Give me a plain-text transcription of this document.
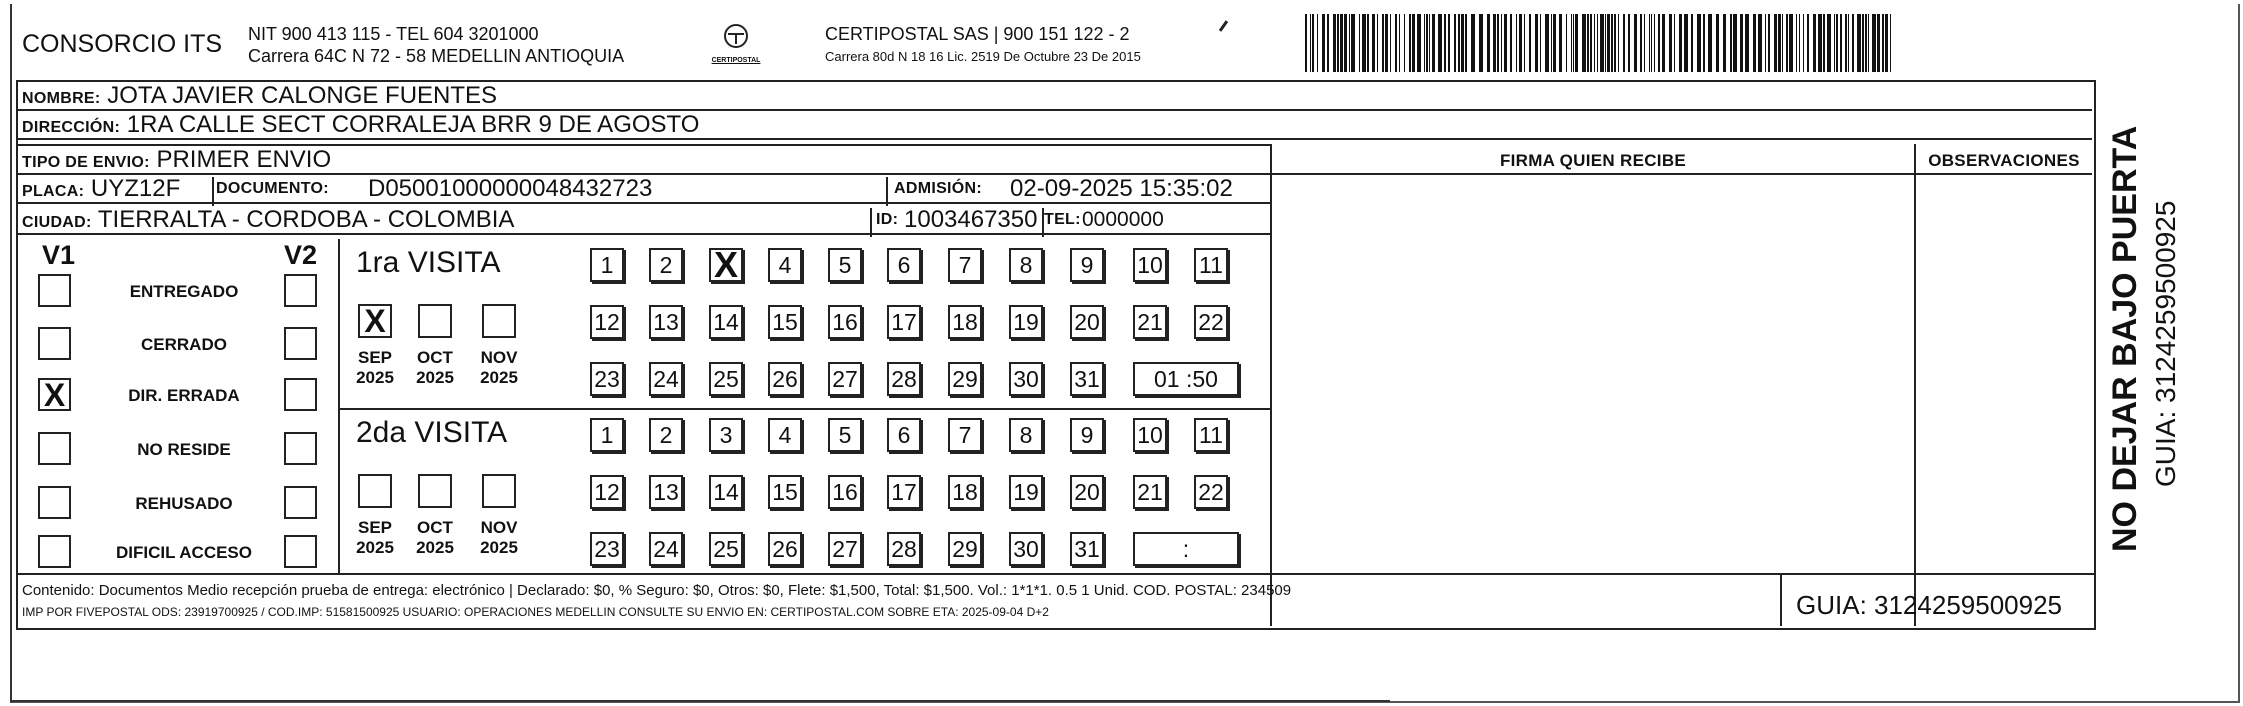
CONSORCIO ITS NIT 900 413 115 - TEL 604 3201000
Carrera 64C N 72 - 58 MEDELLIN ANTIOQUIA	CERTIPOSTAL
CERTIPOSTAL SAS | 900 151 122 - 2
Carrera 80d N 18 16 Lic. 2519 De Octubre 23 De 2015
NOMBRE: JOTA JAVIER CALONGE FUENTES
DIRECCIÓN: 1RA CALLE SECT CORRALEJA BRR 9 DE AGOSTO
TIPO DE ENVIO: PRIMER ENVIO
PLACA: UYZ12F DOCUMENTO: D05001000000048432723	ADMISIÓN: 02-09-2025 15:35:02
CIUDAD: TIERRALTA - CORDOBA - COLOMBIA	ID: 1003467350 TEL: 0000000
FIRMA QUIEN RECIBE	OBSERVACIONES
V1	V2
ENTREGADO
CERRADO
X	DIR. ERRADA
NO RESIDE
REHUSADO
DIFICIL ACCESO
1ra VISITA
X
SEP
2025
OCT
2025
NOV
2025
1	2 X	4	5	6	7	8	9	10 11
12 13 14 15 16 17 18 19 20 21 22
23 24 25 26 27 28 29 30 31	01 :50
2da VISITA
SEP
2025
OCT
2025
NOV
2025
1	2	3	4	5	6	7	8	9	10 11
12 13 14 15 16 17 18 19 20 21 22
23 24 25 26 27 28 29 30 31	:
Contenido: Documentos Medio recepción prueba de entrega: electrónico | Declarado: $0, % Seguro: $0, Otros: $0, Flete: $1,500, Total: $1,500. Vol.: 1*1*1. 0.5 1 Unid. COD. POSTAL: 234509
IMP POR FIVEPOSTAL ODS: 23919700925 / COD.IMP: 51581500925 USUARIO: OPERACIONES MEDELLIN CONSULTE SU ENVIO EN: CERTIPOSTAL.COM SOBRE ETA: 2025-09-04 D+2	GUIA: 3124259500925
NO DEJAR BAJO PUERTA GUIA: 3124259500925
